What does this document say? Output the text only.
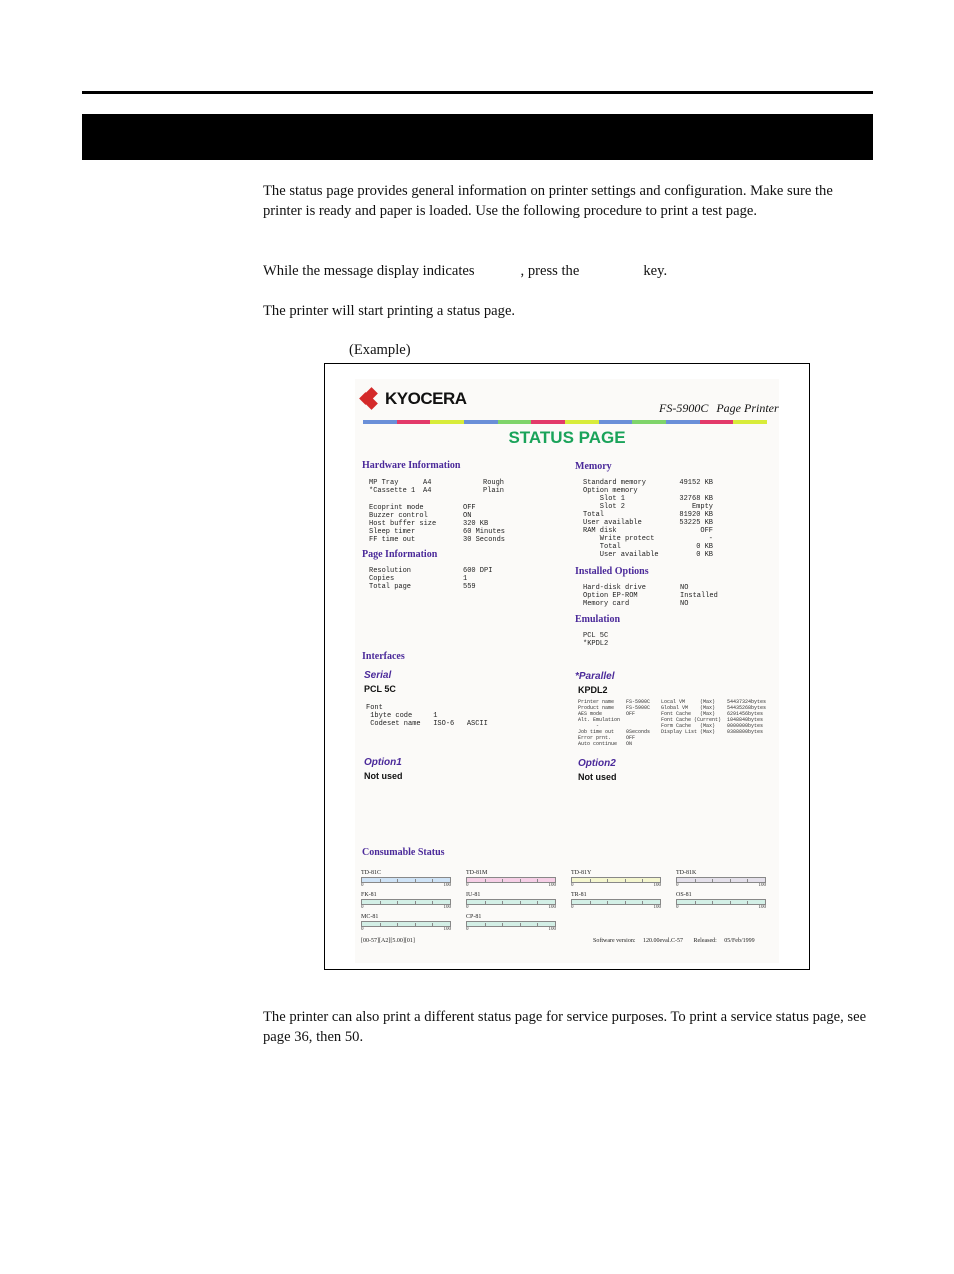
The status page provides general information on printer settings and configuration. Make sure the printer is ready and paper is loaded. Use the following procedure to print a test page.

While the message display indicates	, press the	key.

The printer will start printing a status page.

(Example)
KYOCERA	FS-5900C Page Printer
STATUS PAGE
Hardware Information
MP Tray	A4	Rough
*Cassette 1	A4	Plain
Ecoprint mode	OFF
Buzzer control	ON
Host buffer size	320 KB
Sleep timer	60 Minutes
FF time out	30 Seconds
Page Information
Resolution	600 DPI
Copies	1
Total page	559
Memory
Standard memory	49152 KB
Option memory
Slot 1	32768 KB
Slot 2	Empty
Total	81920 KB
User available	53225 KB
RAM disk	OFF
Write protect	-
Total	0 KB
User available	0 KB
Installed Options
Hard-disk drive	NO
Option EP-ROM	Installed
Memory card	NO
Emulation
PCL 5C
*KPDL2
Interfaces
Serial
PCL 5C
Font
1byte code     1
Codeset name   ISO-6   ASCII
*Parallel
KPDL2
Printer name    FS-5900C
Product name    FS-5900C
AES mode        OFF
Alt. Emulation
-
Job time out    0Seconds
Error prnt.     OFF
Auto continue   ON
Local VM     (Max)    54437324bytes
Global VM    (Max)    54435268bytes
Font Cache   (Max)    6291456bytes
Font Cache (Current)  1048840bytes
Form Cache   (Max)    0000000bytes
Display List (Max)    0388800bytes
Option1
Not used
Option2
Not used
Consumable Status
TD-81C
0	100
TD-81M
0	100
TD-81Y
0	100
TD-81K
0	100
FK-81
0	100
IU-81
0	100
TR-81
0	100
OS-81
0	100
MC-81
0	100
CP-81
0	100
[00-57][A2][5.00][01]	Software version:     120.00eval.C-57       Released:     05/Feb/1999

The printer can also print a different status page for service purposes. To print a service status page, see page 36, then 50.
